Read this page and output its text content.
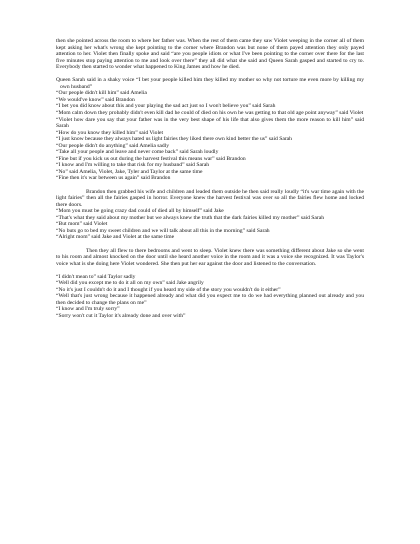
then she pointed across the room to where her father was. When the rest of them came they saw Violet weeping in the corner all of them kept asking her what's wrong she kept pointing to the corner where Brandon was but none of them payed attention they only payed attention to her. Violet then finally spoke and said “are you people idiots or what I've been pointing to the corner over there for the last five minutes stop paying attention to me and look over there” they all did what she said and Queen Sarah gasped and started to cry to. Everybody then started to wonder what happened to King James and how he died.

Queen Sarah said in a shaky voice “I bet your people killed him they killed my mother so why not torture me even more by killing my own husband”

“Our people didn't kill him” said Amelia

“We would've know” said Brandon

“I bet you did know about this and your playing the sad act just so I won't believe you” said Sarah

“Mom calm down they probably didn't even kill dad he could of died on his own he was getting to that old age point anyway” said Violet

“Violet how dare you say that your father was in the very best shape of his life that also gives them the more reason to kill him” said Sarah

“How do you know they killed him” said Violet

“I just know because they always hated us light fairies they liked there own kind better the us” said Sarah

“Our people didn't do anything” said Amelia sadly

“Take all your people and leave and never come back” said Sarah loudly

“Fine but if you kick us out during the harvest festival this means war” said Brandon

“I know and I'm willing to take that risk for my husband” said Sarah

“No” said Amelia, Violet, Jake, Tyler and Taylor at the same time

“Fine then it's war between us again” said Brandon

Brandon then grabbed his wife and children and leaded them outside he then said really loudly “it's war time again with the light fairies” then all the fairies gasped in horror. Everyone knew the harvest festival was over so all the fairies flew home and locked there doors.

“Mom you must be going crazy dad could of died all by himself” said Jake

“That's what they said about my mother but we always knew the truth that the dark fairies killed my mother” said Sarah

“But mom” said Violet

“No buts go to bed my sweet children and we will talk about all this in the morning” said Sarah

“Alright mom” said Jake and Violet at the same time

Then they all flew to there bedrooms and went to sleep. Violet knew there was something different about Jake so she went to his room and almost knocked on the door until she heard another voice in the room and it was a voice she recognized. It was Taylor's voice what is she doing here Violet wondered. She then put her ear against the door and listened to the conversation.

“I didn't mean to” said Taylor sadly

“Well did you except me to do it all on my own” said Jake angrily

“No it's just I couldn't do it and I thought if you heard my side of the story you wouldn't do it either”

“Well that's just wrong because it happened already and what did you expect me to do we had everything planned out already and you then decided to change the plans on me”

“I know and I'm truly sorry”

“Sorry won't cut it Taylor it's already done and over with”
